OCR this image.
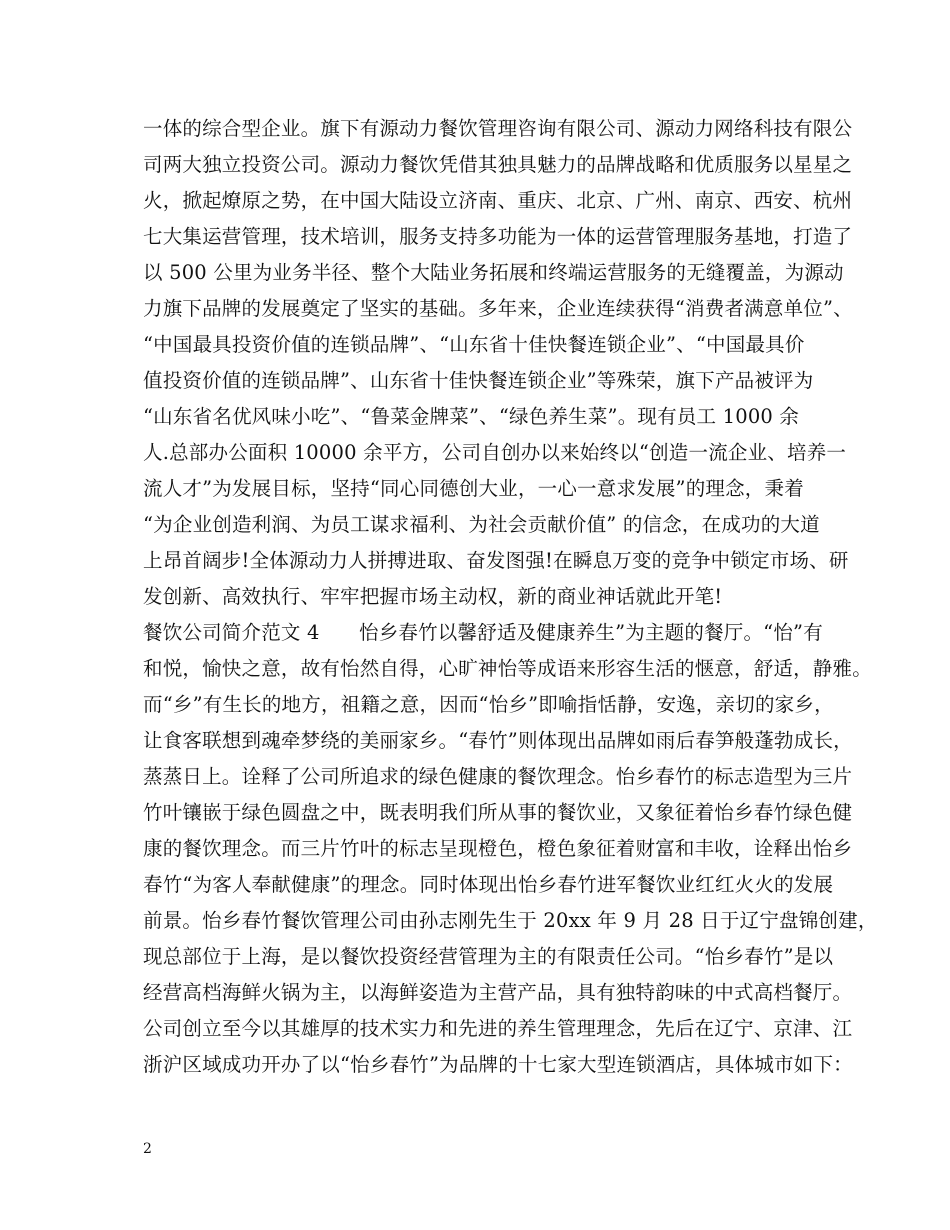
一体的综合型企业。旗下有源动力餐饮管理咨询有限公司、源动力网络科技有限公
司两大独立投资公司。源动力餐饮凭借其独具魅力的品牌战略和优质服务以星星之
火，掀起燎原之势，在中国大陆设立济南、重庆、北京、广州、南京、西安、杭州
七大集运营管理，技术培训，服务支持多功能为一体的运营管理服务基地，打造了
以 500 公里为业务半径、整个大陆业务拓展和终端运营服务的无缝覆盖，为源动
力旗下品牌的发展奠定了坚实的基础。多年来，企业连续获得“消费者满意单位”、
“中国最具投资价值的连锁品牌”、“山东省十佳快餐连锁企业”、“中国最具价
值投资价值的连锁品牌”、山东省十佳快餐连锁企业”等殊荣，旗下产品被评为
“山东省名优风味小吃”、“鲁菜金牌菜”、“绿色养生菜”。现有员工 1000 余
人.总部办公面积 10000 余平方，公司自创办以来始终以“创造一流企业、培养一
流人才”为发展目标，坚持“同心同德创大业，一心一意求发展”的理念，秉着
“为企业创造利润、为员工谋求福利、为社会贡献价值” 的信念，在成功的大道
上昂首阔步!全体源动力人拼搏进取、奋发图强!在瞬息万变的竞争中锁定市场、研
发创新、高效执行、牢牢把握市场主动权，新的商业神话就此开笔!
餐饮公司简介范文 4　　怡乡春竹以馨舒适及健康养生”为主题的餐厅。“怡”有
和悦，愉快之意，故有怡然自得，心旷神怡等成语来形容生活的惬意，舒适，静雅。
而“乡”有生长的地方，祖籍之意，因而“怡乡”即喻指恬静，安逸，亲切的家乡，
让食客联想到魂牵梦绕的美丽家乡。“春竹”则体现出品牌如雨后春笋般蓬勃成长，
蒸蒸日上。诠释了公司所追求的绿色健康的餐饮理念。怡乡春竹的标志造型为三片
竹叶镶嵌于绿色圆盘之中，既表明我们所从事的餐饮业，又象征着怡乡春竹绿色健
康的餐饮理念。而三片竹叶的标志呈现橙色，橙色象征着财富和丰收，诠释出怡乡
春竹“为客人奉献健康”的理念。同时体现出怡乡春竹进军餐饮业红红火火的发展
前景。怡乡春竹餐饮管理公司由孙志刚先生于 20xx 年 9 月 28 日于辽宁盘锦创建，
现总部位于上海，是以餐饮投资经营管理为主的有限责任公司。“怡乡春竹”是以
经营高档海鲜火锅为主，以海鲜姿造为主营产品，具有独特韵味的中式高档餐厅。
公司创立至今以其雄厚的技术实力和先进的养生管理理念，先后在辽宁、京津、江
浙沪区域成功开办了以“怡乡春竹”为品牌的十七家大型连锁酒店，具体城市如下：
2
